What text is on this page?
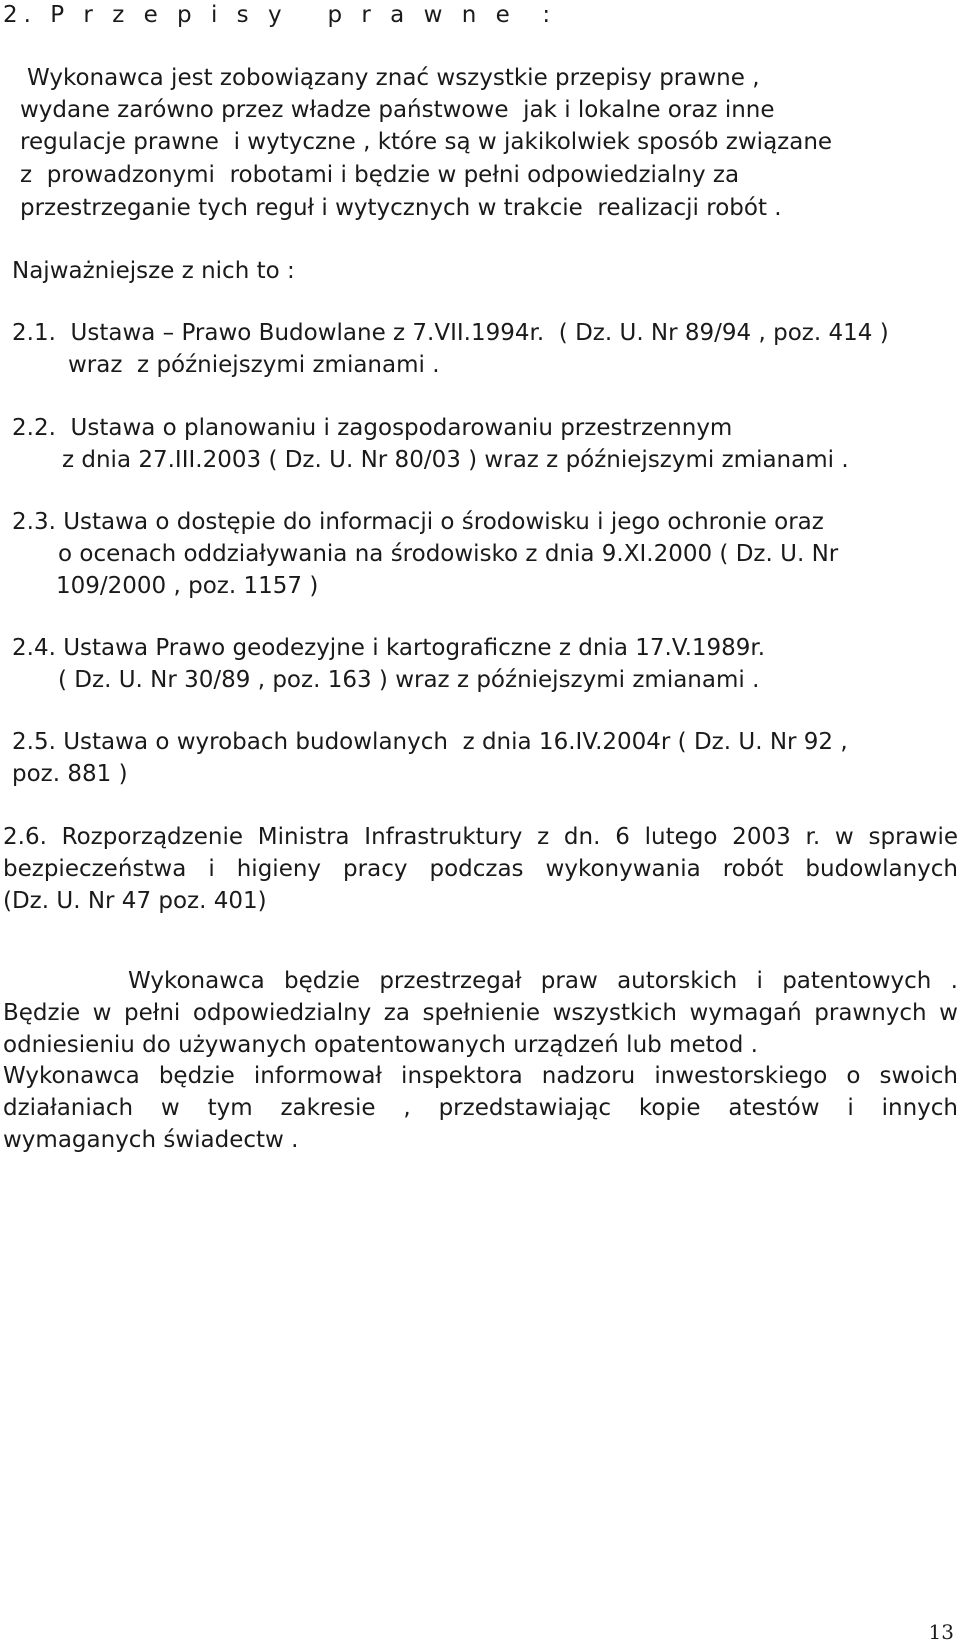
2. P r z e p i s y   p r a w n e  :
Wykonawca jest zobowiązany znać wszystkie przepisy prawne ,
wydane zarówno przez władze państwowe  jak i lokalne oraz inne
regulacje prawne  i wytyczne , które są w jakikolwiek sposób związane
z  prowadzonymi  robotami i będzie w pełni odpowiedzialny za
przestrzeganie tych reguł i wytycznych w trakcie  realizacji robót .
Najważniejsze z nich to :
2.1.  Ustawa – Prawo Budowlane z 7.VII.1994r.  ( Dz. U. Nr 89/94 , poz. 414 )
wraz  z późniejszymi zmianami .
2.2.  Ustawa o planowaniu i zagospodarowaniu przestrzennym
z dnia 27.III.2003 ( Dz. U. Nr 80/03 ) wraz z późniejszymi zmianami .
2.3. Ustawa o dostępie do informacji o środowisku i jego ochronie oraz
o ocenach oddziaływania na środowisko z dnia 9.XI.2000 ( Dz. U. Nr
109/2000 , poz. 1157 )
2.4. Ustawa Prawo geodezyjne i kartograficzne z dnia 17.V.1989r.
( Dz. U. Nr 30/89 , poz. 163 ) wraz z późniejszymi zmianami .
2.5. Ustawa o wyrobach budowlanych  z dnia 16.IV.2004r ( Dz. U. Nr 92 ,
poz. 881 )
2.6. Rozporządzenie Ministra Infrastruktury z dn. 6 lutego 2003 r. w sprawie
bezpieczeństwa i higieny pracy podczas wykonywania robót budowlanych
(Dz. U. Nr 47 poz. 401)
Wykonawca będzie przestrzegał praw autorskich i patentowych .
Będzie w pełni odpowiedzialny za spełnienie wszystkich wymagań prawnych w
odniesieniu do używanych opatentowanych urządzeń lub metod .
Wykonawca będzie informował inspektora nadzoru inwestorskiego o swoich
działaniach w tym zakresie , przedstawiając kopie atestów i innych
wymaganych świadectw .
13
